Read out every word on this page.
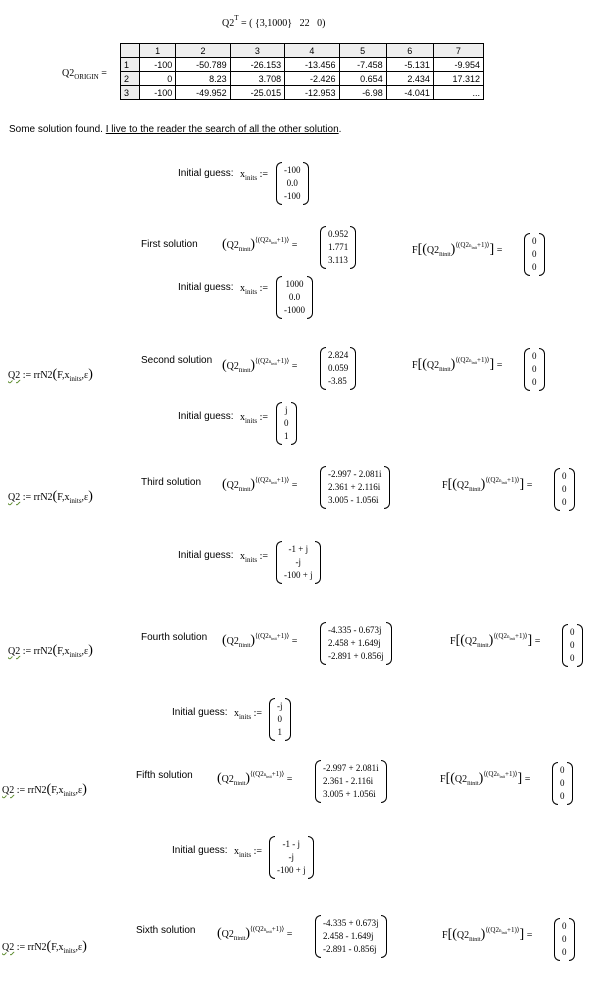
$Q2^T$ = ( {3,1000}   22   0)
$Q2_{ORIGIN}$ =
	1	2	3	4	5	6	7
1	-100	-50.789	-26.153	-13.456	-7.458	-5.131	-9.954
2	0	8.23	3.708	-2.426	0.654	2.434	17.312
3	-100	-49.952	-25.015	-12.953	-6.98	-4.041	...
Some solution found. I live to the reader the search of all the other solution.
Initial guess: $x_{inits}$ := -100
0.0
-100
First solution $(Q2_{ninit})^{⟨(Q2n_{init}+1)⟩}$ =
0.952
1.771
3.113
$F[(Q2_{ninit})^{⟨(Q2n_{init}+1)⟩}]$ =
0
0
0
Initial guess: $x_{inits}$ := 1000
0.0
-1000
Second solution $(Q2_{ninit})^{⟨(Q2n_{init}+1)⟩}$ =
2.824
0.059
-3.85
$F[(Q2_{ninit})^{⟨(Q2n_{init}+1)⟩}]$ =
0
0
0
Q2 := $rrN2(F,x_{inits},\varepsilon)$
Initial guess: $x_{inits}$ :=
j
0
1
Third solution $(Q2_{ninit})^{⟨(Q2n_{init}+1)⟩}$ =
-2.997 - 2.081i
2.361 + 2.116i
3.005 - 1.056i
$F[(Q2_{ninit})^{⟨(Q2n_{init}+1)⟩}]$ =
0
0
0
Q2 := $rrN2(F,x_{inits},\varepsilon)$
Initial guess: $x_{inits}$ :=
-1 + j
-j
-100 + j
Fourth solution $(Q2_{ninit})^{⟨(Q2n_{init}+1)⟩}$ =
-4.335 - 0.673j
2.458 + 1.649j
-2.891 + 0.856j
$F[(Q2_{ninit})^{⟨(Q2n_{init}+1)⟩}]$ =
0
0
0
Q2 := $rrN2(F,x_{inits},\varepsilon)$
Initial guess: $x_{inits}$ :=
-j
0
1
Fifth solution $(Q2_{ninit})^{⟨(Q2n_{init}+1)⟩}$ =
-2.997 + 2.081i
2.361 - 2.116i
3.005 + 1.056i
$F[(Q2_{ninit})^{⟨(Q2n_{init}+1)⟩}]$ =
0
0
0
Q2 := $rrN2(F,x_{inits},\varepsilon)$
Initial guess: $x_{inits}$ :=
-1 - j
-j
-100 + j
Sixth solution $(Q2_{ninit})^{⟨(Q2n_{init}+1)⟩}$ =
-4.335 + 0.673j
2.458 - 1.649j
-2.891 - 0.856j
$F[(Q2_{ninit})^{⟨(Q2n_{init}+1)⟩}]$ =
0
0
0
Q2 := $rrN2(F,x_{inits},\varepsilon)$
